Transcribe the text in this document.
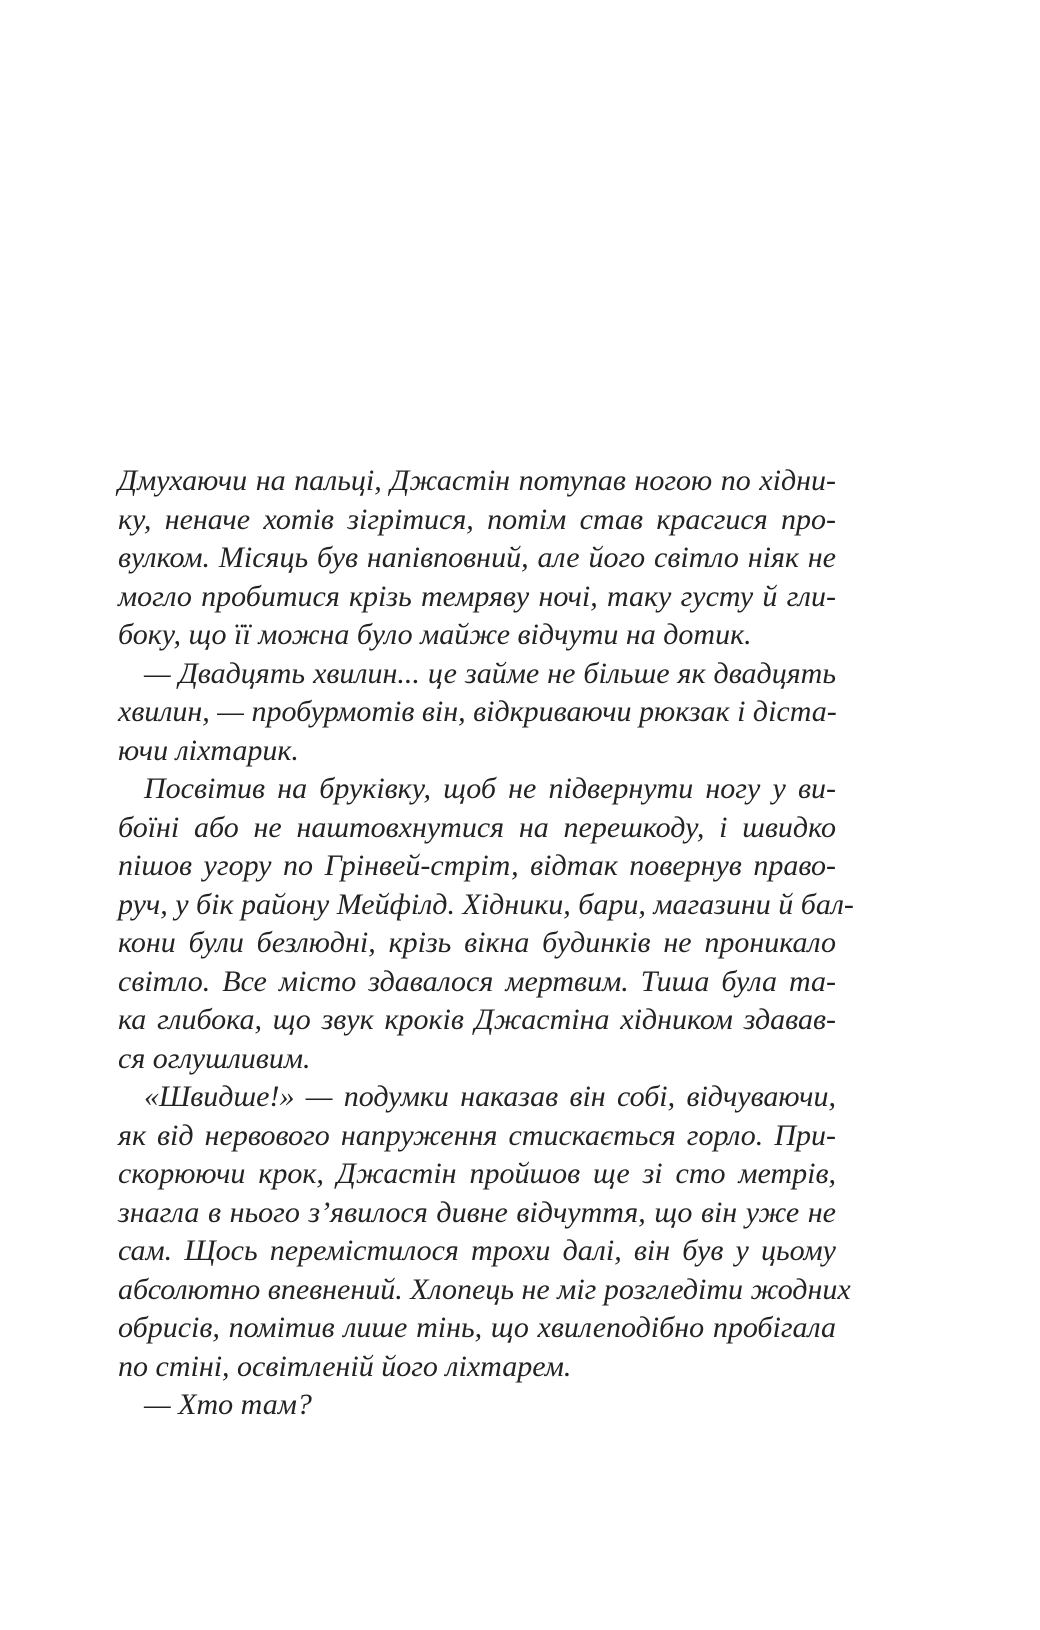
Дмухаючи на пальці, Джастін потупав ногою по хідни-
ку, неначе хотів зігрітися, потім став красгися про-
вулком. Місяць був напівповний, але його світло ніяк не
могло пробитися крізь темряву ночі, таку густу й гли-
боку, що її можна було майже відчути на дотик.
— Двадцять хвилин... це займе не більше як двадцять
хвилин, — пробурмотів він, відкриваючи рюкзак і діста-
ючи ліхтарик.
Посвітив на бруківку, щоб не підвернути ногу у ви-
боїні або не наштовхнутися на перешкоду, і швидко
пішов угору по Грінвей-стріт, відтак повернув право-
руч, у бік району Мейфілд. Хідники, бари, магазини й бал-
кони були безлюдні, крізь вікна будинків не проникало
світло. Все місто здавалося мертвим. Тиша була та-
ка глибока, що звук кроків Джастіна хідником здавав-
ся оглушливим.
«Швидше!» — подумки наказав він собі, відчуваючи,
як від нервового напруження стискається горло. При-
скорюючи крок, Джастін пройшов ще зі сто метрів,
знагла в нього з’явилося дивне відчуття, що він уже не
сам. Щось перемістилося трохи далі, він був у цьому
абсолютно впевнений. Хлопець не міг розгледіти жодних
обрисів, помітив лише тінь, що хвилеподібно пробігала
по стіні, освітленій його ліхтарем.
— Хто там?
